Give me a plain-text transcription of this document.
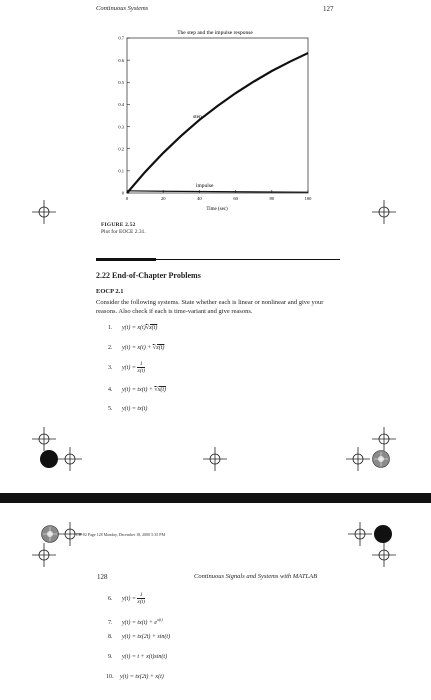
Continuous Systems	127
The step and the impulse response
0
0.1
0.2
0.3
0.4
0.5
0.6
0.7
0	20	40	60	80	100
step
impulse
Time (sec)
FIGURE 2.52
Plot for EOCE 2.31.
2.22 End-of-Chapter Problems
EOCP 2.1
Consider the following systems. State whether each is linear or nonlinear and give your reasons. Also check if each is time-variant and give reasons.
1. y(t) = x(t)√x(t)
2. y(t) = x(t) + √x(t)
3. $y(t) = \frac{1}{x(t)}$
4. y(t) = tx(t) + √x(t)
5. y(t) = tx(t)
CH-02 Page 128 Monday, December 18, 2000 5:35 PM
128	Continuous Signals and Systems with MATLAB
6. $y(t) = \frac{1}{x(t)}$
7. $y(t) = tx(t) + e^{x(t)}$
8. y(t) = tx(2t) + sin(t)
9. y(t) = t + x(t)sin(t)
10. y(t) = tx(2t) + x(t)
